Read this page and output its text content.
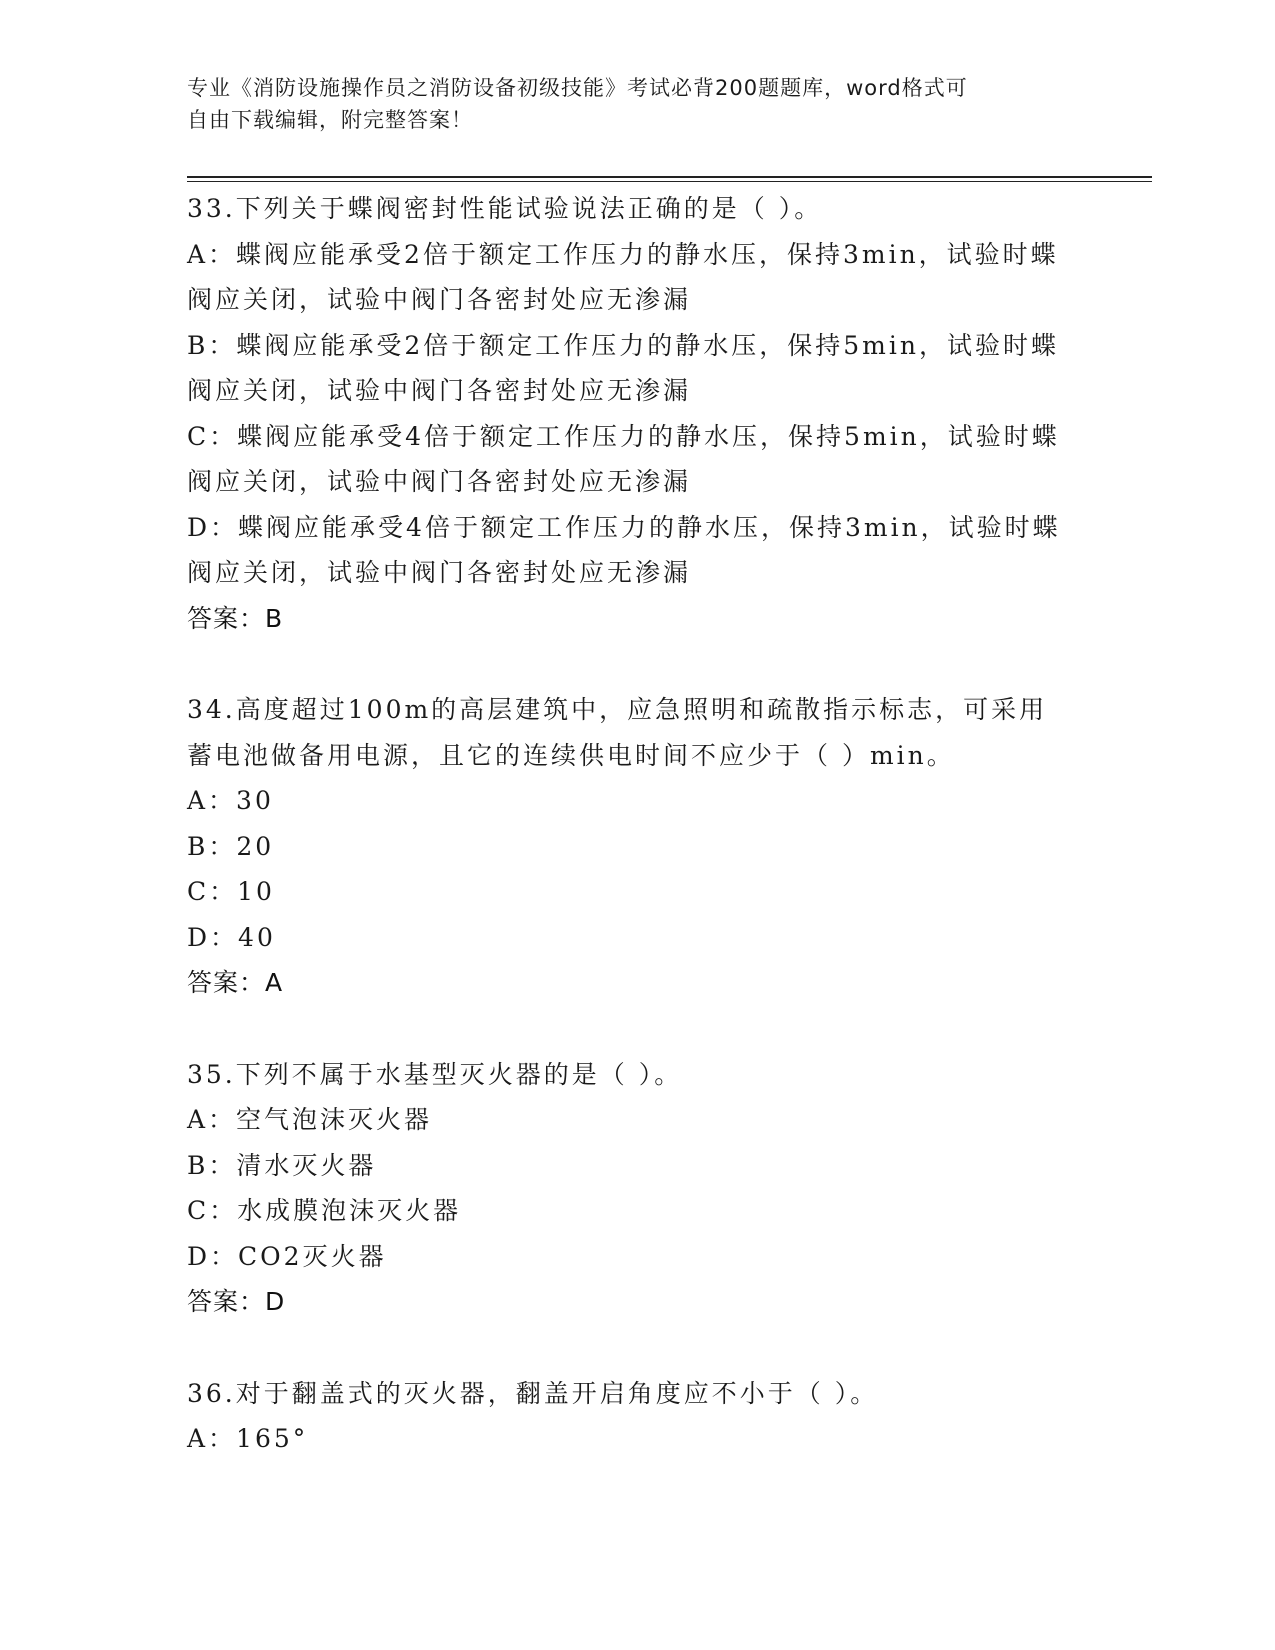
专业《消防设施操作员之消防设备初级技能》考试必背200题题库，word格式可
自由下载编辑，附完整答案！
33.下列关于蝶阀密封性能试验说法正确的是（ ）。
A：蝶阀应能承受2倍于额定工作压力的静水压，保持3min，试验时蝶
阀应关闭，试验中阀门各密封处应无渗漏
B：蝶阀应能承受2倍于额定工作压力的静水压，保持5min，试验时蝶
阀应关闭，试验中阀门各密封处应无渗漏
C：蝶阀应能承受4倍于额定工作压力的静水压，保持5min，试验时蝶
阀应关闭，试验中阀门各密封处应无渗漏
D：蝶阀应能承受4倍于额定工作压力的静水压，保持3min，试验时蝶
阀应关闭，试验中阀门各密封处应无渗漏
答案：B
34.高度超过100m的高层建筑中，应急照明和疏散指示标志，可采用
蓄电池做备用电源，且它的连续供电时间不应少于（ ）min。
A：30
B：20
C：10
D：40
答案：A
35.下列不属于水基型灭火器的是（ ）。
A：空气泡沫灭火器
B：清水灭火器
C：水成膜泡沫灭火器
D：CO2灭火器
答案：D
36.对于翻盖式的灭火器，翻盖开启角度应不小于（ ）。
A：165°
